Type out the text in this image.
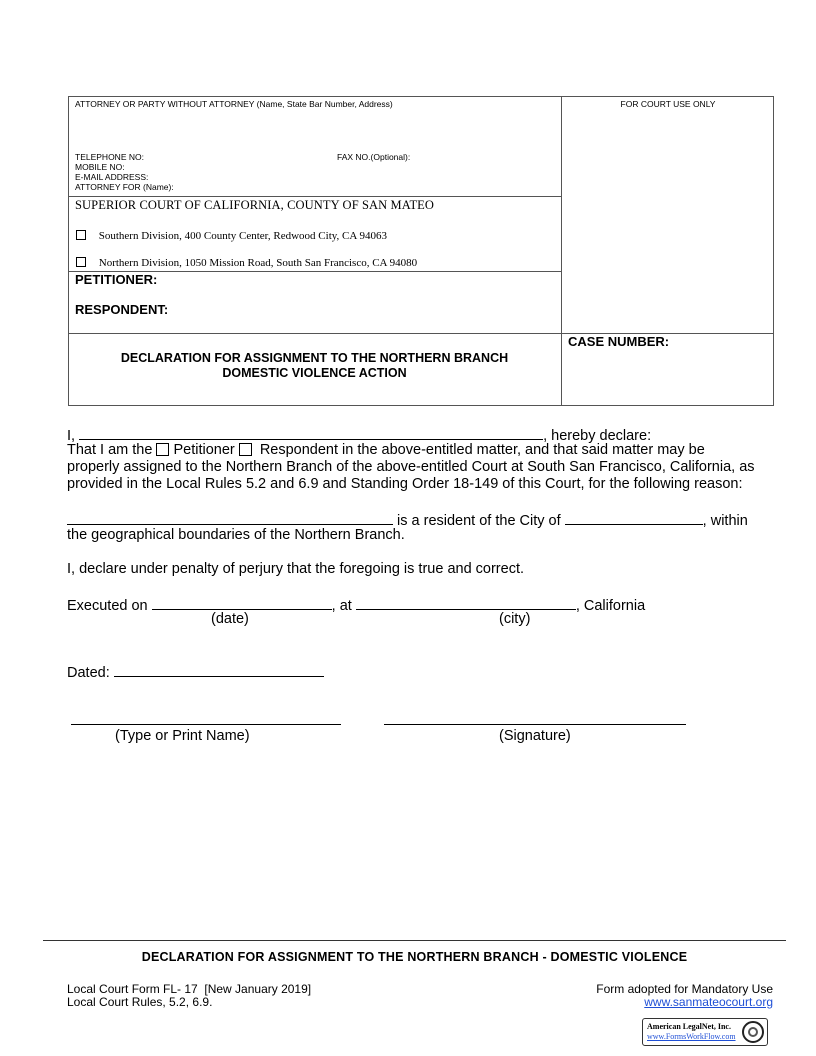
ATTORNEY OR PARTY WITHOUT ATTORNEY (Name, State Bar Number, Address)
TELEPHONE NO:	FAX NO.(Optional):
MOBILE NO:
E-MAIL ADDRESS:
ATTORNEY FOR (Name):
FOR COURT USE ONLY
SUPERIOR COURT OF CALIFORNIA, COUNTY OF SAN MATEO
Southern Division, 400 County Center, Redwood City, CA 94063
Northern Division, 1050 Mission Road, South San Francisco, CA 94080
PETITIONER:
RESPONDENT:
DECLARATION FOR ASSIGNMENT TO THE NORTHERN BRANCH
DOMESTIC VIOLENCE ACTION
CASE NUMBER:
I,	, hereby declare:
That I am the Petitioner Respondent in the above-entitled matter, and that said matter may be
properly assigned to the Northern Branch of the above-entitled Court at South San Francisco, California, as
provided in the Local Rules 5.2 and 6.9 and Standing Order 18-149 of this Court, for the following reason:
is a resident of the City of	, within
the geographical boundaries of the Northern Branch.
I, declare under penalty of perjury that the foregoing is true and correct.
Executed on	, at	, California
(date)	(city)
Dated:
(Type or Print Name)	(Signature)
DECLARATION FOR ASSIGNMENT TO THE NORTHERN BRANCH - DOMESTIC VIOLENCE
Local Court Form FL- 17  [New January 2019]
Local Court Rules, 5.2, 6.9.
Form adopted for Mandatory Use
www.sanmateocourt.org
American LegalNet, Inc.
www.FormsWorkFlow.com
